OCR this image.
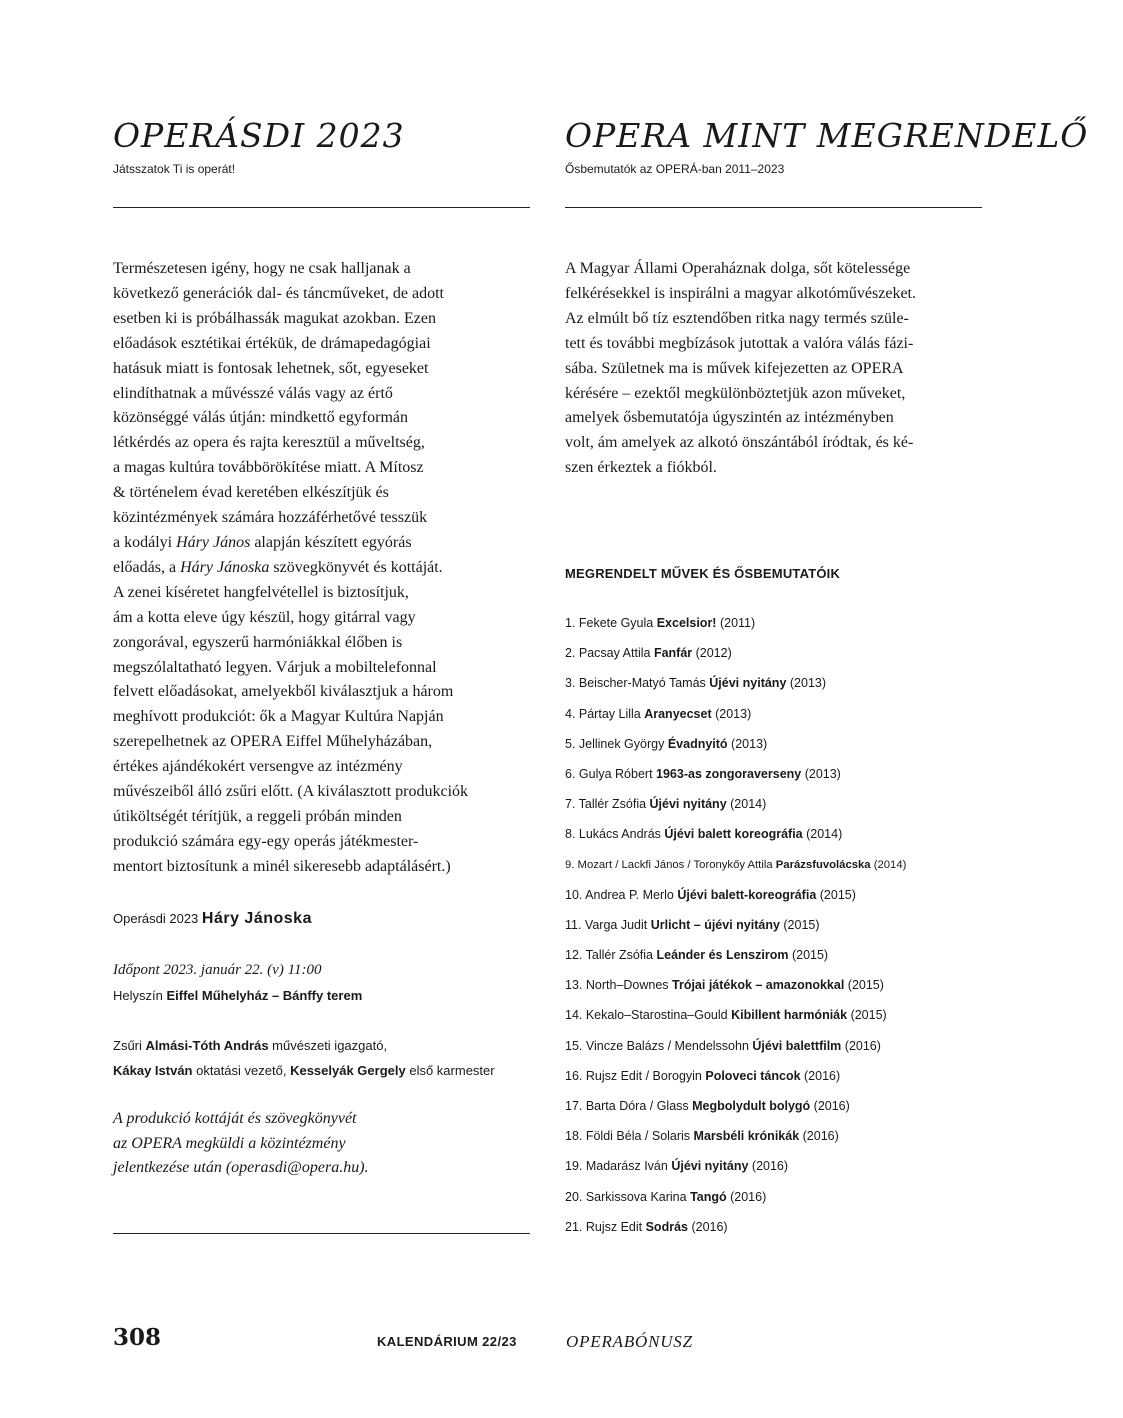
OPERÁSDI 2023

Játsszatok Ti is operát!

Természetesen igény, hogy ne csak halljanak a
következő generációk dal- és táncműveket, de adott
esetben ki is próbálhassák magukat azokban. Ezen
előadások esztétikai értékük, de drámapedagógiai
hatásuk miatt is fontosak lehetnek, sőt, egyeseket
elindíthatnak a művésszé válás vagy az értő
közönséggé válás útján: mindkettő egyformán
létkérdés az opera és rajta keresztül a műveltség,
a magas kultúra továbbörökítése miatt. A Mítosz
& történelem évad keretében elkészítjük és
közintézmények számára hozzáférhetővé tesszük
a kodályi Háry János alapján készített egyórás
előadás, a Háry Jánoska szövegkönyvét és kottáját.
A zenei kíséretet hangfelvétellel is biztosítjuk,
ám a kotta eleve úgy készül, hogy gitárral vagy
zongorával, egyszerű harmóniákkal élőben is
megszólaltatható legyen. Várjuk a mobiltelefonnal
felvett előadásokat, amelyekből kiválasztjuk a három
meghívott produkciót: ők a Magyar Kultúra Napján
szerepelhetnek az OPERA Eiffel Műhelyházában,
értékes ajándékokért versengve az intézmény
művészeiből álló zsűri előtt. (A kiválasztott produkciók
útiköltségét térítjük, a reggeli próbán minden
produkció számára egy-egy operás játékmester-
mentort biztosítunk a minél sikeresebb adaptálásért.)
Operásdi 2023 Háry Jánoska
Időpont 2023. január 22. (v) 11:00
Helyszín Eiffel Műhelyház – Bánffy terem
Zsűri Almási-Tóth András művészeti igazgató,
Kákay István oktatási vezető, Kesselyák Gergely első karmester
A produkció kottáját és szövegkönyvét
az OPERA megküldi a közintézmény
jelentkezése után (operasdi@opera.hu).
OPERA MINT MEGRENDELŐ

Ősbemutatók az OPERÁ-ban 2011–2023

A Magyar Állami Operaháznak dolga, sőt kötelessége
felkérésekkel is inspirálni a magyar alkotóművészeket.
Az elmúlt bő tíz esztendőben ritka nagy termés szüle-
tett és további megbízások jutottak a valóra válás fázi-
sába. Születnek ma is művek kifejezetten az OPERA
kérésére – ezektől megkülönböztetjük azon műveket,
amelyek ősbemutatója úgyszintén az intézményben
volt, ám amelyek az alkotó önszántából íródtak, és ké-
szen érkeztek a fiókból.
MEGRENDELT MŰVEK ÉS ŐSBEMUTATÓIK
1. Fekete Gyula Excelsior! (2011)
2. Pacsay Attila Fanfár (2012)
3. Beischer-Matyó Tamás Újévi nyitány (2013)
4. Pártay Lilla Aranyecset (2013)
5. Jellinek György Évadnyitó (2013)
6. Gulya Róbert 1963-as zongoraverseny (2013)
7. Tallér Zsófia Újévi nyitány (2014)
8. Lukács András Újévi balett koreográfia (2014)
9. Mozart / Lackfi János / Toronykőy Attila Parázsfuvolácska (2014)
10. Andrea P. Merlo Újévi balett-koreográfia (2015)
11. Varga Judit Urlicht – újévi nyitány (2015)
12. Tallér Zsófia Leánder és Lenszirom (2015)
13. North–Downes Trójai játékok – amazonokkal (2015)
14. Kekalo–Starostina–Gould Kibillent harmóniák (2015)
15. Vincze Balázs / Mendelssohn Újévi balettfilm (2016)
16. Rujsz Edit / Borogyin Poloveci táncok (2016)
17. Barta Dóra / Glass Megbolydult bolygó (2016)
18. Földi Béla / Solaris Marsbéli krónikák (2016)
19. Madarász Iván Újévi nyitány (2016)
20. Sarkissova Karina Tangó (2016)
21. Rujsz Edit Sodrás (2016)

308	KALENDÁRIUM 22/23	OPERABÓNUSZ
